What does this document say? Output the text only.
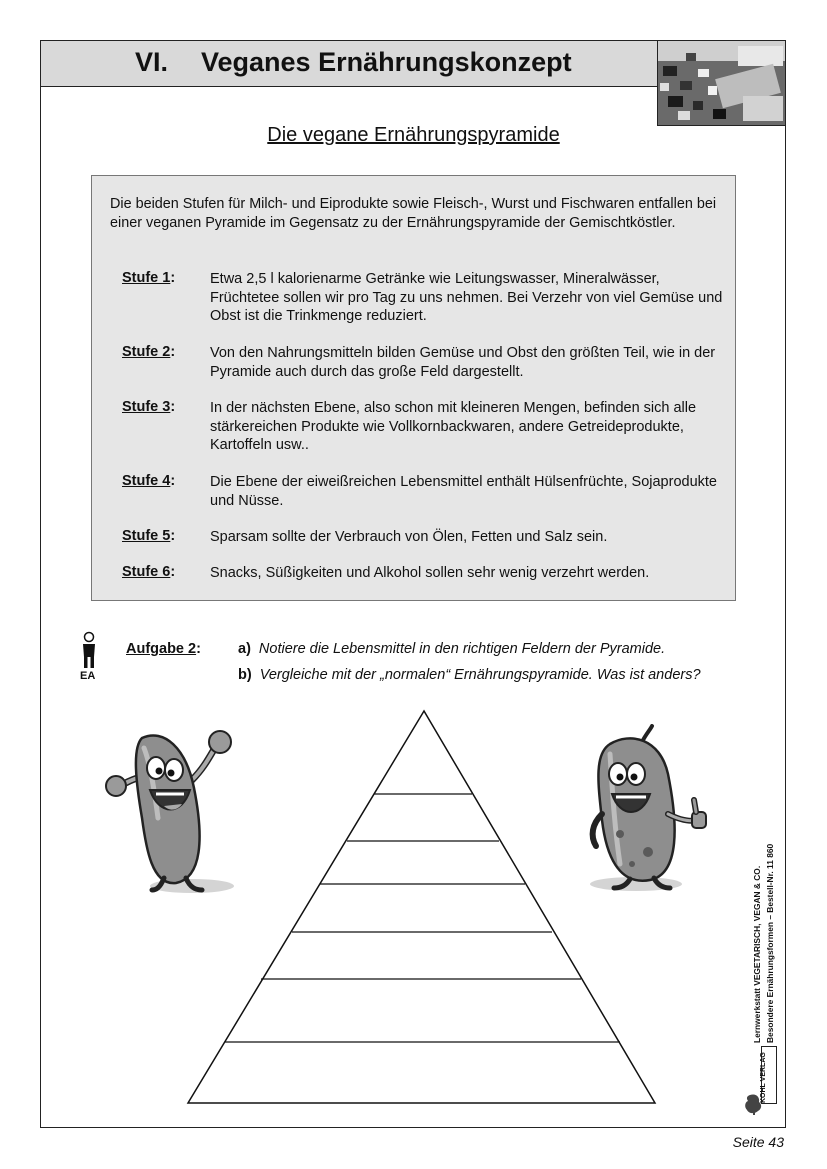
VI. Veganes Ernährungskonzept
Die vegane Ernährungspyramide
Die beiden Stufen für Milch- und Eiprodukte sowie Fleisch-, Wurst und Fischwaren entfallen bei einer veganen Pyramide im Gegensatz zu der Ernährungspyramide der Gemischtköstler.
Stufe 1: Etwa 2,5 l kalorienarme Getränke wie Leitungswasser, Mineralwässer, Früchtetee sollen wir pro Tag zu uns nehmen. Bei Verzehr von viel Gemüse und Obst ist die Trinkmenge reduziert.
Stufe 2: Von den Nahrungsmitteln bilden Gemüse und Obst den größten Teil, wie in der Pyramide auch durch das große Feld dargestellt.
Stufe 3: In der nächsten Ebene, also schon mit kleineren Mengen, befinden sich alle stärkereichen Produkte wie Vollkornbackwaren, andere Getreideprodukte, Kartoffeln usw..
Stufe 4: Die Ebene der eiweißreichen Lebensmittel enthält Hülsenfrüchte, Sojaprodukte und Nüsse.
Stufe 5: Sparsam sollte der Verbrauch von Ölen, Fetten und Salz sein.
Stufe 6: Snacks, Süßigkeiten und Alkohol sollen sehr wenig verzehrt werden.
EA
Aufgabe 2:	a) Notiere die Lebensmittel in den richtigen Feldern der Pyramide.
b) Vergleiche mit der „normalen“ Ernährungspyramide. Was ist anders?
Lernwerkstatt VEGETARISCH, VEGAN & CO. Besondere Ernährungsformen – Bestell-Nr. 11 860
KOHL VERLAG
Seite 43
